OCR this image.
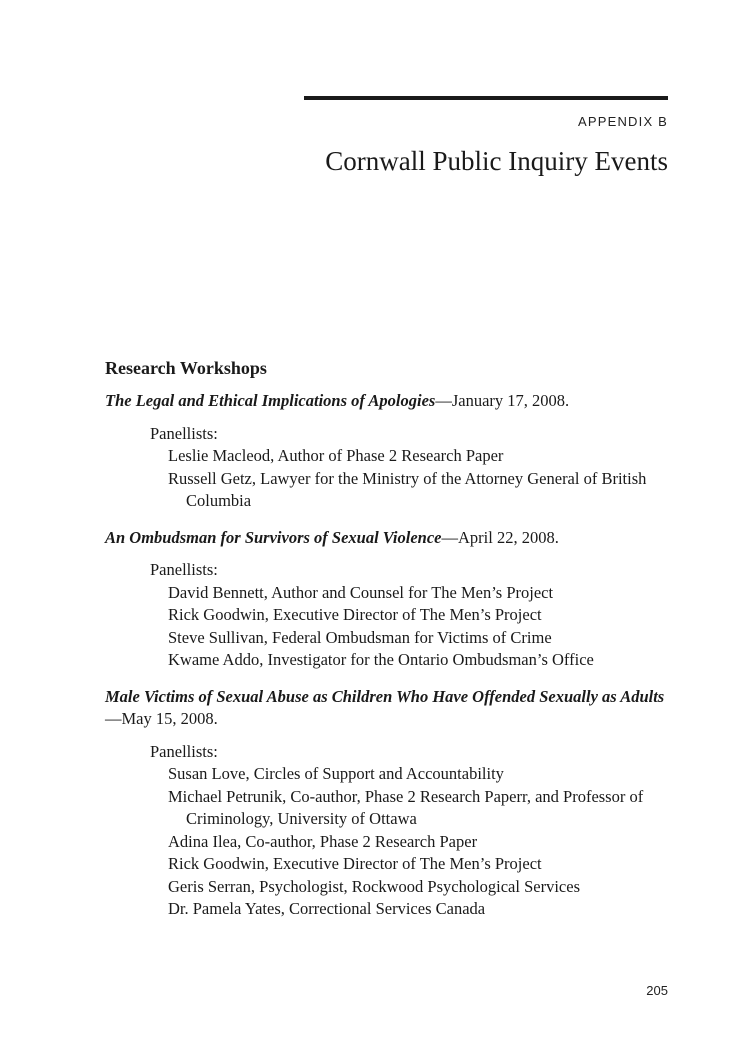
APPENDIX B
Cornwall Public Inquiry Events
Research Workshops

The Legal and Ethical Implications of Apologies—January 17, 2008.

Panellists:
Leslie Macleod, Author of Phase 2 Research Paper
Russell Getz, Lawyer for the Ministry of the Attorney General of British Columbia

An Ombudsman for Survivors of Sexual Violence—April 22, 2008.

Panellists:
David Bennett, Author and Counsel for The Men’s Project
Rick Goodwin, Executive Director of The Men’s Project
Steve Sullivan, Federal Ombudsman for Victims of Crime
Kwame Addo, Investigator for the Ontario Ombudsman’s Office

Male Victims of Sexual Abuse as Children Who Have Offended Sexually as Adults—May 15, 2008.

Panellists:
Susan Love, Circles of Support and Accountability
Michael Petrunik, Co-author, Phase 2 Research Paperr, and Professor of Criminology, University of Ottawa
Adina Ilea, Co-author, Phase 2 Research Paper
Rick Goodwin, Executive Director of The Men’s Project
Geris Serran, Psychologist, Rockwood Psychological Services
Dr. Pamela Yates, Correctional Services Canada
205
